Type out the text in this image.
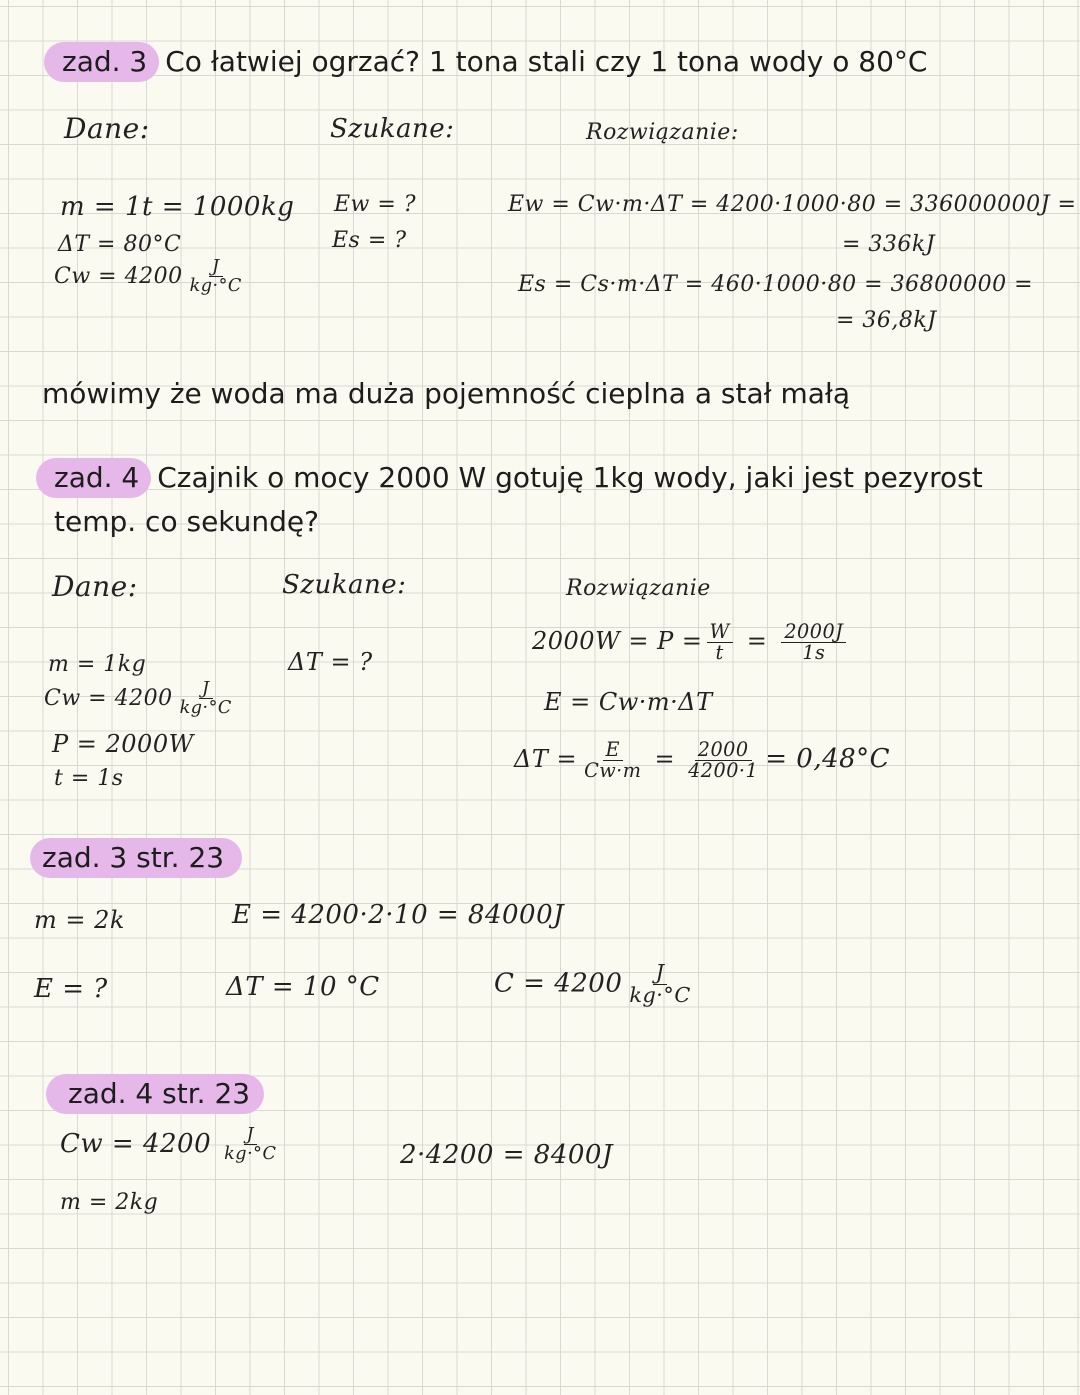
zad. 3 Co łatwiej ogrzać? 1 tona stali czy 1 tona wody o 80°C
Dane:	Szukane:	Rozwiązanie:
m = 1t = 1000kg
ΔT = 80°C
$Cw = 4200 \frac{J}{kg\cdot^\circ C}$
Ew = ?
Es = ?
Ew = Cw·m·ΔT = 4200·1000·80 = 336000000J =
= 336kJ
Es = Cs·m·ΔT = 460·1000·80 = 36800000 =
= 36,8kJ
mówimy że woda ma duża pojemność cieplna a stał małą
zad. 4 Czajnik o mocy 2000 W gotuję 1kg wody, jaki jest pezyrost
temp. co sekundę?
Dane:	Szukane:	Rozwiązanie
m = 1kg
$Cw = 4200 \frac{J}{kg\cdot^\circ C}$
P = 2000W
t = 1s
ΔT = ?
$2000W = P = \frac{W}{t} = \frac{2000J}{1s}$
E = Cw·m·ΔT
$\Delta T = \frac{E}{Cw\cdot m} = \frac{2000}{4200\cdot 1} = 0,48^\circ C$
zad. 3 str. 23
m = 2k
E = ?
E = 4200·2·10 = 84000J
ΔT = 10 °C	$C = 4200 \frac{J}{kg\cdot^\circ C}$
zad. 4 str. 23
$Cw = 4200 \frac{J}{kg\cdot^\circ C}$
m = 2kg
2·4200 = 8400J
